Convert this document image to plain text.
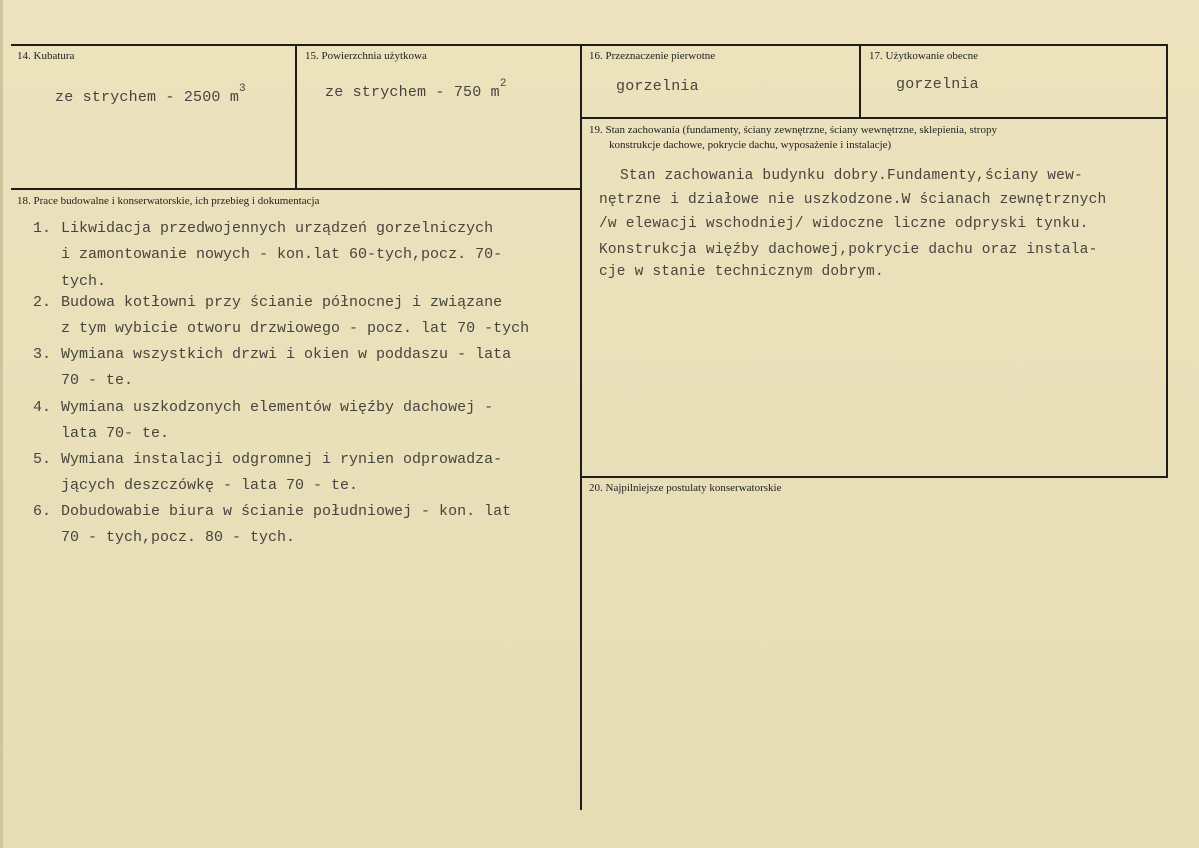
14. Kubatura
ze strychem - 2500 $m^3$
15. Powierzchnia użytkowa
ze strychem - 750 $m^2$
16. Przeznaczenie pierwotne
gorzelnia
17. Użytkowanie obecne
gorzelnia
18. Prace budowalne i konserwatorskie, ich przebieg i dokumentacja
1. Likwidacja przedwojennych urządzeń gorzelniczych
i zamontowanie nowych - kon.lat 60-tych,pocz. 70-
tych.
2. Budowa kotłowni przy ścianie północnej i związane
z tym wybicie otworu drzwiowego - pocz. lat 70 -tych
3. Wymiana wszystkich drzwi i okien w poddaszu - lata
70 - te.
4. Wymiana uszkodzonych elementów więźby dachowej -
lata 70- te.
5. Wymiana instalacji odgromnej i rynien odprowadza-
jących deszczówkę - lata 70 - te.
6. Dobudowabie biura w ścianie południowej - kon. lat
70 - tych,pocz. 80 - tych.
19. Stan zachowania (fundamenty, ściany zewnętrzne, ściany wewnętrzne, sklepienia, stropy
konstrukcje dachowe, pokrycie dachu, wyposażenie i instalacje)
Stan zachowania budynku dobry.Fundamenty,ściany wew-
nętrzne i działowe nie uszkodzone.W ścianach zewnętrznych
/w elewacji wschodniej/ widoczne liczne odpryski tynku.
Konstrukcja więźby dachowej,pokrycie dachu oraz instala-
cje w stanie technicznym dobrym.
20. Najpilniejsze postulaty konserwatorskie
